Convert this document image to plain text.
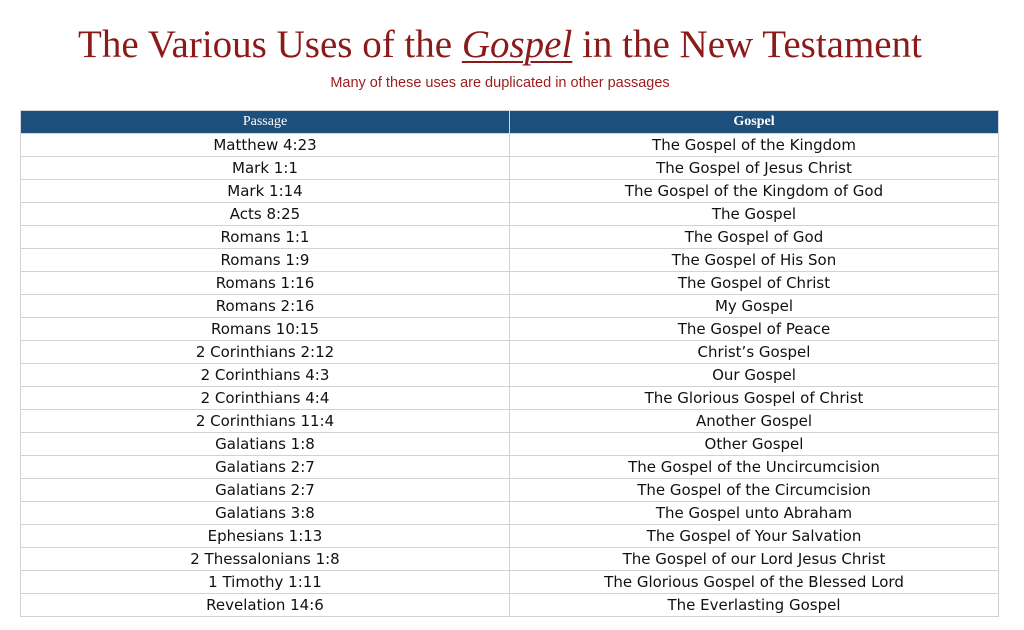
The Various Uses of the Gospel in the New Testament
Many of these uses are duplicated in other passages
Passage	Gospel
Matthew 4:23	The Gospel of the Kingdom
Mark 1:1	The Gospel of Jesus Christ
Mark 1:14	The Gospel of the Kingdom of God
Acts 8:25	The Gospel
Romans 1:1	The Gospel of God
Romans 1:9	The Gospel of His Son
Romans 1:16	The Gospel of Christ
Romans 2:16	My Gospel
Romans 10:15	The Gospel of Peace
2 Corinthians 2:12	Christ’s Gospel
2 Corinthians 4:3	Our Gospel
2 Corinthians 4:4	The Glorious Gospel of Christ
2 Corinthians 11:4	Another Gospel
Galatians 1:8	Other Gospel
Galatians 2:7	The Gospel of the Uncircumcision
Galatians 2:7	The Gospel of the Circumcision
Galatians 3:8	The Gospel unto Abraham
Ephesians 1:13	The Gospel of Your Salvation
2 Thessalonians 1:8	The Gospel of our Lord Jesus Christ
1 Timothy 1:11	The Glorious Gospel of the Blessed Lord
Revelation 14:6	The Everlasting Gospel
